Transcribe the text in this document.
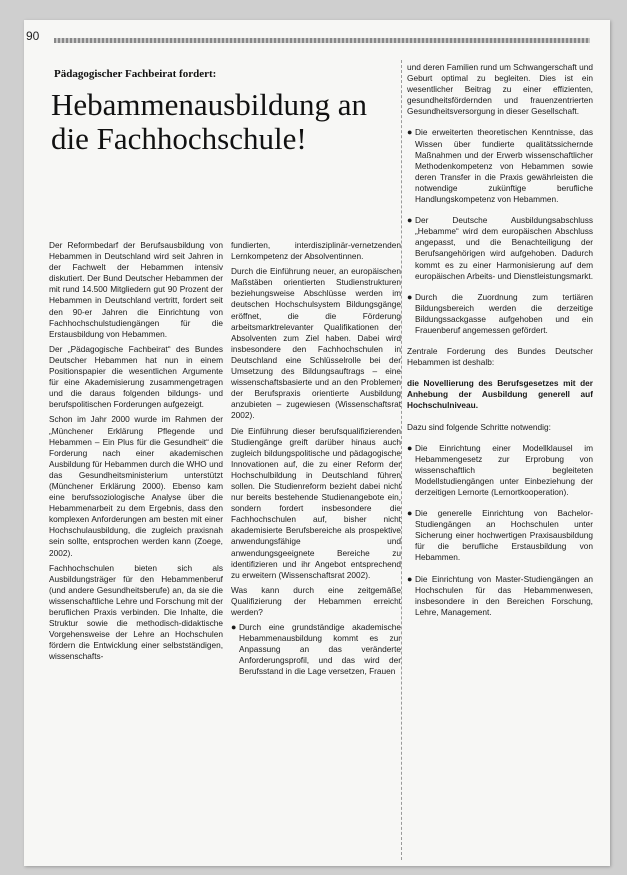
90
Pädagogischer Fachbeirat fordert:
Hebammenausbildung an die Fachhochschule!

Der Reformbedarf der Berufsausbildung von Hebammen in Deutschland wird seit Jahren in der Fachwelt der Hebammen intensiv diskutiert. Der Bund Deutscher Hebammen der mit rund 14.500 Mitgliedern gut 90 Prozent der Hebammen in Deutschland vertritt, fordert seit den 90-er Jahren die Einrichtung von Fachhochschulstudiengängen für die Erstausbildung von Hebammen.

Der „Pädagogische Fachbeirat“ des Bundes Deutscher Hebammen hat nun in einem Positionspapier die wesentlichen Argumente für eine Akademisierung zusammengetragen und die daraus folgenden bildungs- und berufspolitischen Forderungen aufgezeigt.

Schon im Jahr 2000 wurde im Rahmen der „Münchener Erklärung Pflegende und Hebammen – Ein Plus für die Gesundheit“ die Forderung nach einer akademischen Ausbildung für Hebammen durch die WHO und das Gesundheitsministerium unterstützt (Münchener Erklärung 2000). Ebenso kam eine berufssoziologische Analyse über die Hebammenarbeit zu dem Ergebnis, dass den komplexen Anforderungen am besten mit einer Hochschulausbildung, die zugleich praxisnah sein sollte, entsprochen werden kann (Zoege, 2002).

Fachhochschulen bieten sich als Ausbildungsträger für den Hebammenberuf (und andere Gesundheitsberufe) an, da sie die wissenschaftliche Lehre und Forschung mit der beruflichen Praxis verbinden. Die Inhalte, die Struktur sowie die methodisch-didaktische Vorgehensweise der Lehre an Hochschulen fördern die Entwicklung einer selbstständigen, wissenschafts-

fundierten, interdisziplinär-vernetzenden Lernkompetenz der Absolventinnen.

Durch die Einführung neuer, an europäischen Maßstäben orientierten Studienstrukturen beziehungsweise Abschlüsse werden im deutschen Hochschulsystem Bildungsgänge eröffnet, die die Förderung arbeitsmarktrelevanter Qualifikationen der Absolventen zum Ziel haben. Dabei wird insbesondere den Fachhochschulen in Deutschland eine Schlüsselrolle bei der Umsetzung des Bildungsauftrags – eine wissenschaftsbasierte und an den Problemen der Berufspraxis orientierte Ausbildung anzubieten – zugewiesen (Wissenschaftsrat 2002).

Die Einführung dieser berufsqualifizierenden Studiengänge greift darüber hinaus auch zugleich bildungspolitische und pädagogische Innovationen auf, die zu einer Reform der Hochschulbildung in Deutschland führen sollen. Die Studienreform bezieht dabei nicht nur bereits bestehende Studienangebote ein, sondern fordert insbesondere die Fachhochschulen auf, bisher nicht akademisierte Berufsbereiche als prospektive anwendungsfähige und anwendungsgeeignete Bereiche zu identifizieren und ihr Angebot entsprechend zu erweitern (Wissenschaftsrat 2002).

Was kann durch eine zeitgemäße Qualifizierung der Hebammen erreicht werden?

● Durch eine grundständige akademische Hebammenausbildung kommt es zur Anpassung an das veränderte Anforderungsprofil, und das wird der Berufsstand in die Lage versetzen, Frauen

und deren Familien rund um Schwangerschaft und Geburt optimal zu begleiten. Dies ist ein wesentlicher Beitrag zu einer effizienten, gesundheitsfördernden und frauenzentrierten Gesundheitsversorgung in dieser Gesellschaft.

● Die erweiterten theoretischen Kenntnisse, das Wissen über fundierte qualitätssichernde Maßnahmen und der Erwerb wissenschaftlicher Methodenkompetenz von Hebammen sowie deren Transfer in die Praxis gewährleisten die notwendige zukünftige berufliche Handlungskompetenz von Hebammen.

● Der Deutsche Ausbildungsabschluss „Hebamme“ wird dem europäischen Abschluss angepasst, und die Benachteiligung der Berufsangehörigen wird aufgehoben. Dadurch kommt es zu einer Harmonisierung auf dem europäischen Arbeits- und Dienstleistungsmarkt.

● Durch die Zuordnung zum tertiären Bildungsbereich werden die derzeitige Bildungssackgasse aufgehoben und ein Frauenberuf angemessen gefördert.

Zentrale Forderung des Bundes Deutscher Hebammen ist deshalb:

die Novellierung des Berufsgesetzes mit der Anhebung der Ausbildung generell auf Hochschulniveau.

Dazu sind folgende Schritte notwendig:

● Die Einrichtung einer Modellklausel im Hebammengesetz zur Erprobung von wissenschaftlich begleiteten Modellstudiengängen unter Einbeziehung der derzeitigen Lernorte (Lernortkooperation).

● Die generelle Einrichtung von Bachelor-Studiengängen an Hochschulen unter Sicherung einer hochwertigen Praxisausbildung für die berufliche Erstausbildung von Hebammen.

● Die Einrichtung von Master-Studiengängen an Hochschulen für das Hebammenwesen, insbesondere in den Bereichen Forschung, Lehre, Management.
